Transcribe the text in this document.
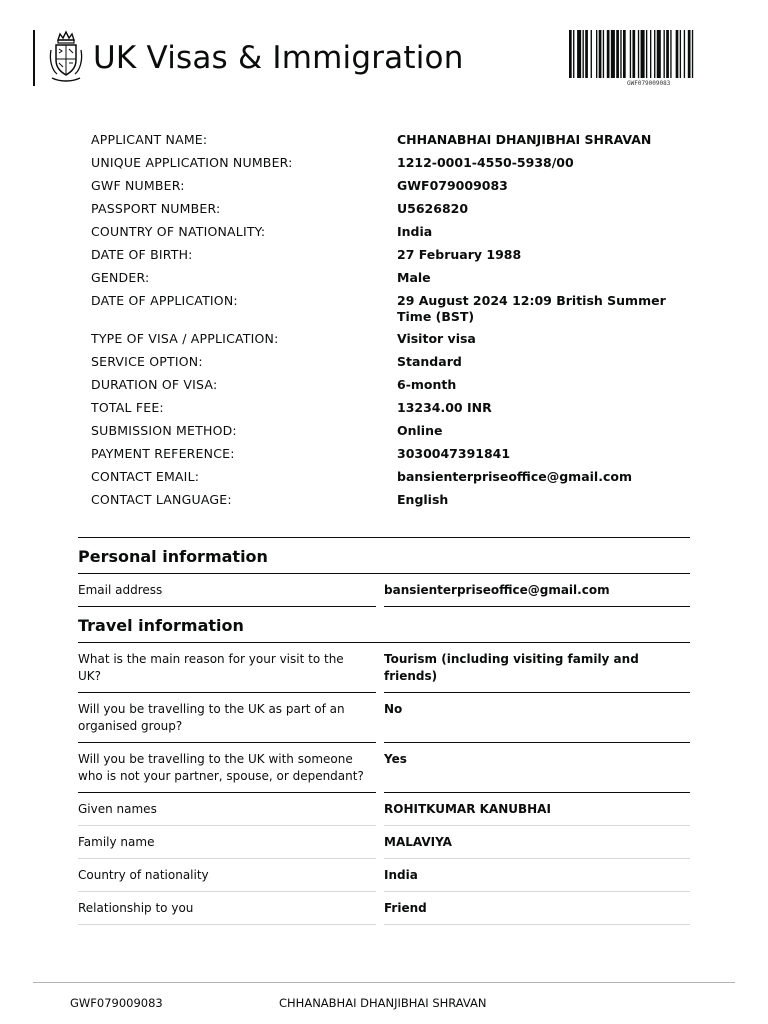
UK Visas & Immigration
GWF079009083
APPLICANT NAME:	CHHANABHAI DHANJIBHAI SHRAVAN
UNIQUE APPLICATION NUMBER:	1212-0001-4550-5938/00
GWF NUMBER:	GWF079009083
PASSPORT NUMBER:	U5626820
COUNTRY OF NATIONALITY:	India
DATE OF BIRTH:	27 February 1988
GENDER:	Male
DATE OF APPLICATION:	29 August 2024 12:09 British Summer Time (BST)
TYPE OF VISA / APPLICATION:	Visitor visa
SERVICE OPTION:	Standard
DURATION OF VISA:	6-month
TOTAL FEE:	13234.00 INR
SUBMISSION METHOD:	Online
PAYMENT REFERENCE:	3030047391841
CONTACT EMAIL:	bansienterpriseoffice@gmail.com
CONTACT LANGUAGE:	English
Personal information
Email address	bansienterpriseoffice@gmail.com
Travel information
What is the main reason for your visit to the UK?
Tourism (including visiting family and friends)
Will you be travelling to the UK as part of an organised group?
No
Will you be travelling to the UK with someone who is not your partner, spouse, or dependant?
Yes
Given names	ROHITKUMAR KANUBHAI
Family name	MALAVIYA
Country of nationality	India
Relationship to you	Friend
GWF079009083	CHHANABHAI DHANJIBHAI SHRAVAN
